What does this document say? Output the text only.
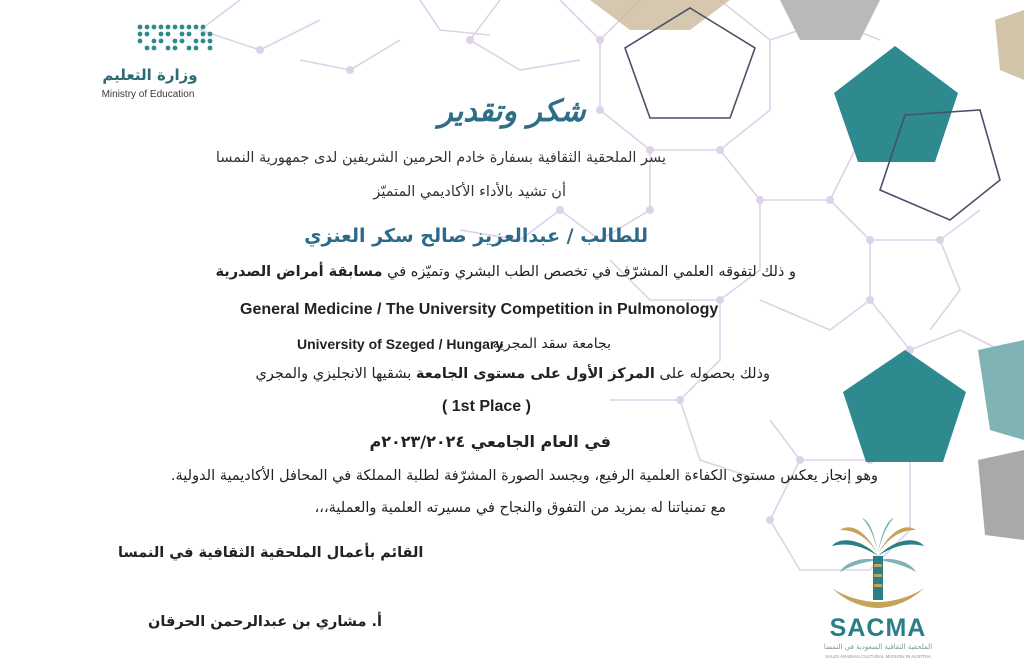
وزارة التعليم
Ministry of Education	شكر وتقدير
يسر الملحقية الثقافية بسفارة خادم الحرمين الشريفين لدى جمهورية النمسا
أن تشيد بالأداء الأكاديمي المتميّز
للطالب / عبدالعزيز صالح سكر العنزي
و ذلك لتفوقه العلمي المشرّف في تخصص الطب البشري وتميّزه في مسابقة أمراض الصدرية
General Medicine / The University Competition in Pulmonology
University of Szeged / Hungary
بجامعة سقد المجرية
وذلك بحصوله على المركز الأول على مستوى الجامعة بشقيها الانجليزي والمجري
( 1st Place )
في العام الجامعي ٢٠٢٣/٢٠٢٤م
وهو إنجاز يعكس مستوى الكفاءة العلمية الرفيع، ويجسد الصورة المشرّفة لطلبة المملكة في المحافل الأكاديمية الدولية.
مع تمنياتنا له بمزيد من التفوق والنجاح في مسيرته العلمية والعملية،،،
القائم بأعمال الملحقية الثقافية في النمسا
أ. مشاري بن عبدالرحمن الحرقان	SACMA
الملحقية الثقافية السعودية في النمسا
SAUDI ARABIAN CULTURAL MISSION IN AUSTRIA
